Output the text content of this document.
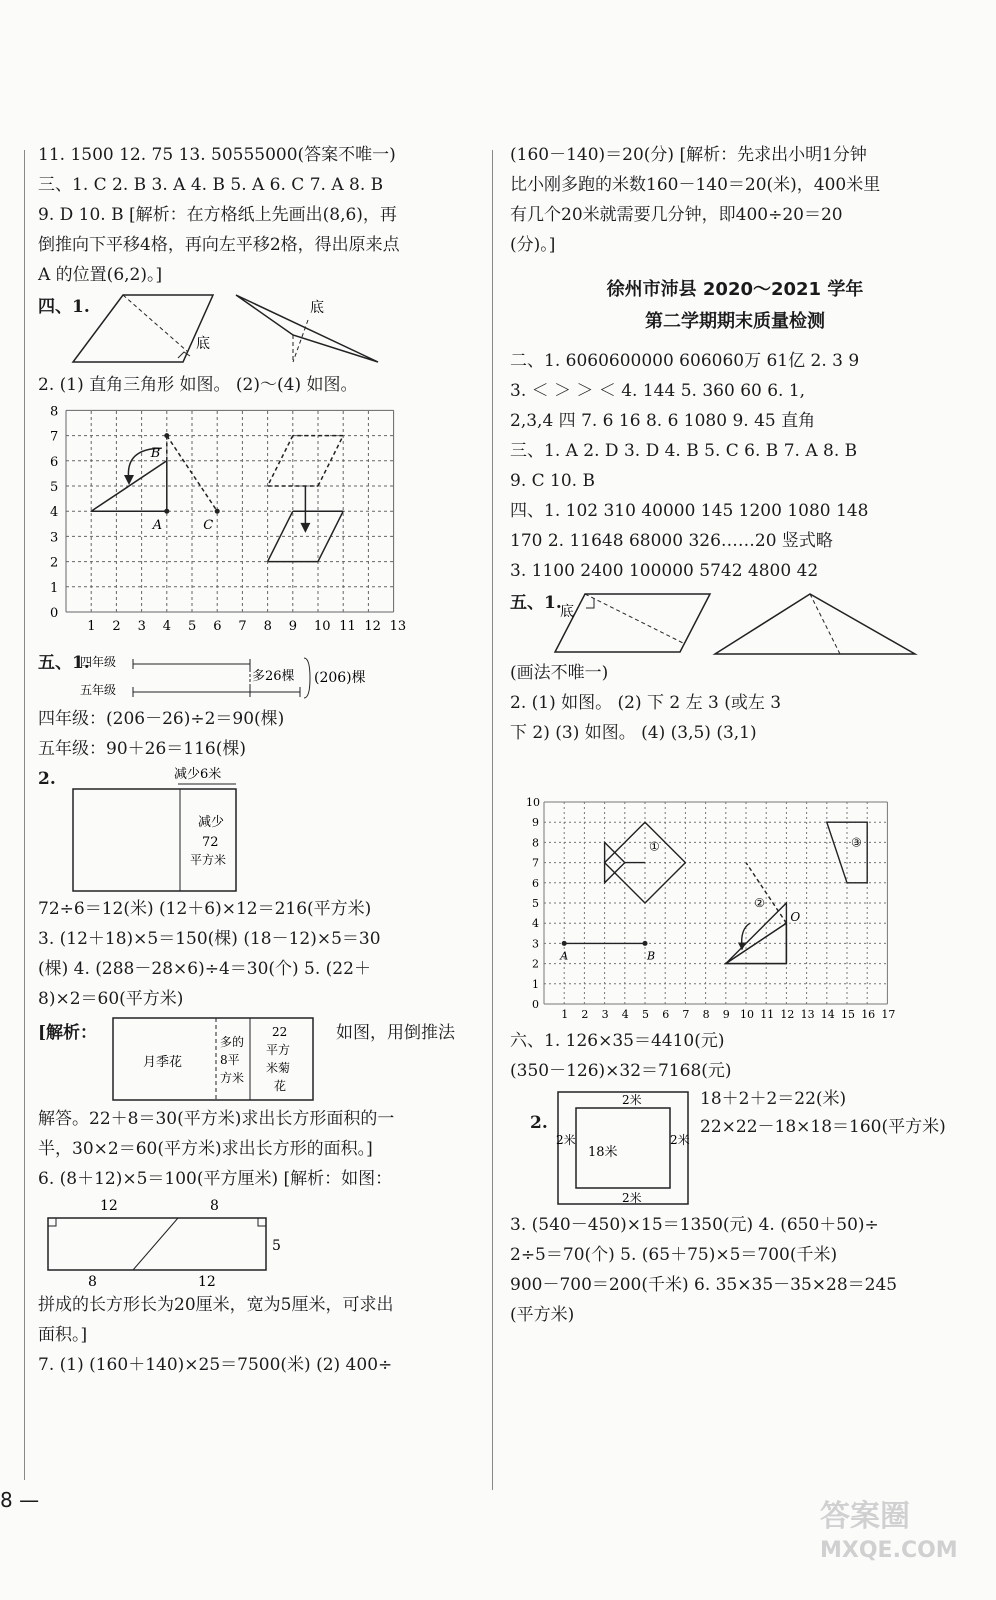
11. 1500 12. 75 13. 50555000(答案不唯一)
三、1. C 2. B 3. A 4. B 5. A 6. C 7. A 8. B
9. D 10. B [解析：在方格纸上先画出(8,6)，再
倒推向下平移4格，再向左平移2格，得出原来点
A 的位置(6,2)。]
四、1.
底
底
2. (1) 直角三角形 如图。 (2)～(4) 如图。
0
1
2
3
4
5
6
7
8
1 2 3 4 5 6 7 8 9 10 11 12 13
B
A	C
五、1.
四年级
五年级
多26棵 (206)棵
四年级：(206－26)÷2＝90(棵)
五年级：90＋26＝116(棵)
2.	减少6米
减少
72
平方米
72÷6＝12(米) (12＋6)×12＝216(平方米)
3. (12＋18)×5＝150(棵) (18－12)×5＝30
(棵) 4. (288－28×6)÷4＝30(个) 5. (22＋
8)×2＝60(平方米)
[解析：	如图，用倒推法
月季花
多的
8平
方米
22
平方
米菊
花
解答。22＋8＝30(平方米)求出长方形面积的一
半，30×2＝60(平方米)求出长方形的面积。]
6. (8＋12)×5＝100(平方厘米) [解析：如图：
12	8
5
8	12
拼成的长方形长为20厘米，宽为5厘米，可求出
面积。]
7. (1) (160＋140)×25＝7500(米) (2) 400÷
(160－140)＝20(分) [解析：先求出小明1分钟
比小刚多跑的米数160－140＝20(米)，400米里
有几个20米就需要几分钟，即400÷20＝20
(分)。]
徐州市沛县 2020～2021 学年
第二学期期末质量检测
二、1. 6060600000 606060万 61亿 2. 3 9
3. ＜ ＞ ＞ ＜ 4. 144 5. 360 60 6. 1,
2,3,4 四 7. 6 16 8. 6 1080 9. 45 直角
三、1. A 2. D 3. D 4. B 5. C 6. B 7. A 8. B
9. C 10. B
四、1. 102 310 40000 145 1200 1080 148
170 2. 11648 68000 326……20 竖式略
3. 1100 2400 100000 5742 4800 42
五、1.
底
(画法不唯一)
2. (1) 如图。 (2) 下 2 左 3 (或左 3
下 2) (3) 如图。 (4) (3,5) (3,1)
0
1
2
3
4
5
6
7
8
9
10
1 2 3 4 5 6 7 8 9 10 11 12 13 14 15 16 17
①
②
O
③
A	B
六、1. 126×35＝4410(元)
(350－126)×32＝7168(元)
18＋2＋2＝22(米)
2.	22×22－18×18＝160(平方米)
2米
2米	2米
18米
2米
3. (540－450)×15＝1350(元) 4. (650＋50)÷
2÷5＝70(个) 5. (65＋75)×5＝700(千米)
900－700＝200(千米) 6. 35×35－35×28＝245
(平方米)
8 —	答案圈
MXQE.COM
